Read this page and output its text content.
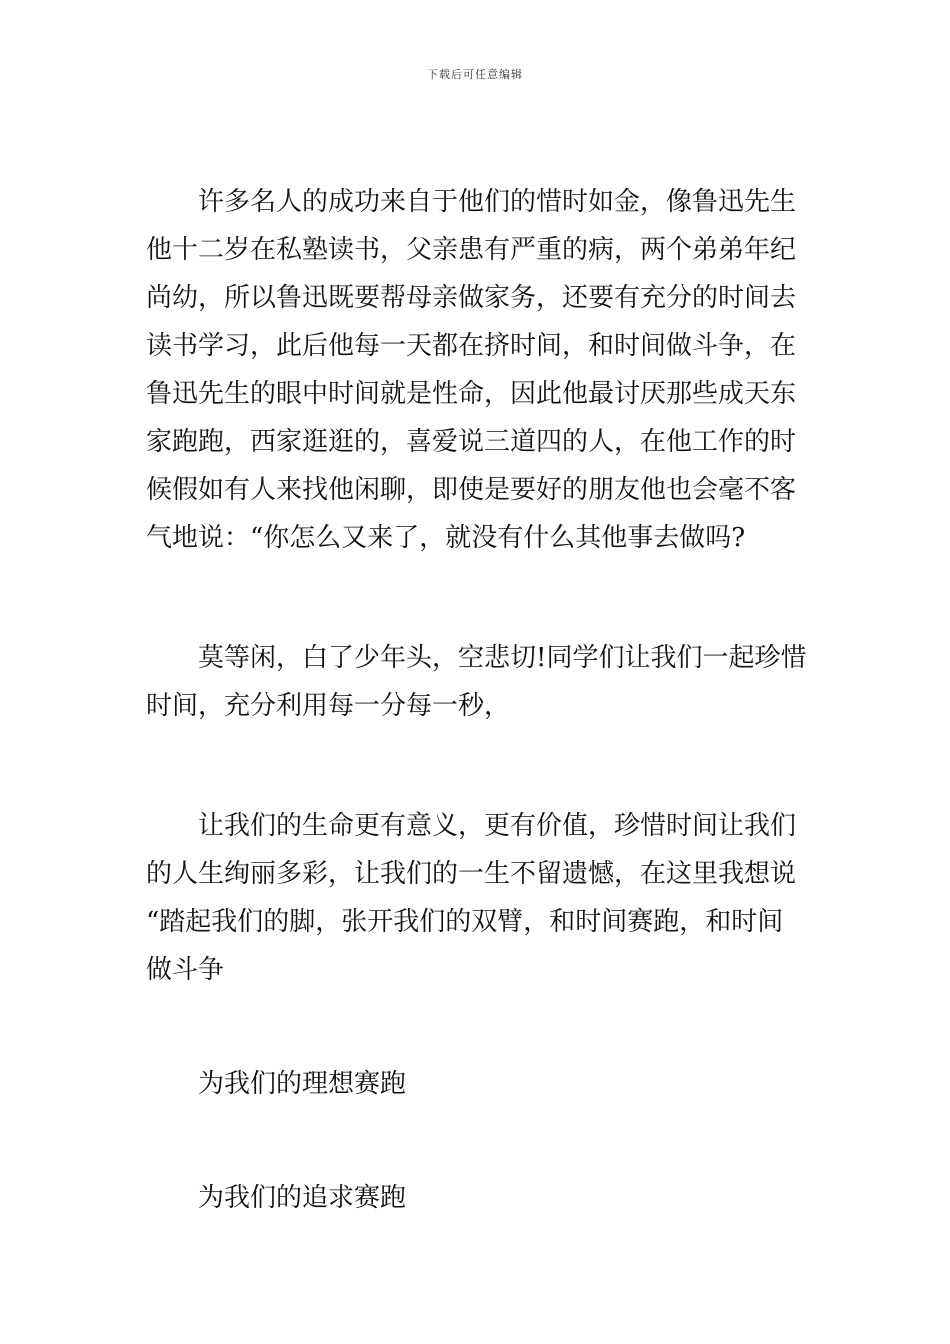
下载后可任意编辑
许多名人的成功来自于他们的惜时如金，像鲁迅先生
他十二岁在私塾读书，父亲患有严重的病，两个弟弟年纪
尚幼，所以鲁迅既要帮母亲做家务，还要有充分的时间去
读书学习，此后他每一天都在挤时间，和时间做斗争，在
鲁迅先生的眼中时间就是性命，因此他最讨厌那些成天东
家跑跑，西家逛逛的，喜爱说三道四的人，在他工作的时
候假如有人来找他闲聊，即使是要好的朋友他也会毫不客
气地说：“你怎么又来了，就没有什么其他事去做吗?
莫等闲，白了少年头，空悲切!同学们让我们一起珍惜
时间，充分利用每一分每一秒，
让我们的生命更有意义，更有价值，珍惜时间让我们
的人生绚丽多彩，让我们的一生不留遗憾，在这里我想说
“踏起我们的脚，张开我们的双臂，和时间赛跑，和时间
做斗争
为我们的理想赛跑
为我们的追求赛跑
